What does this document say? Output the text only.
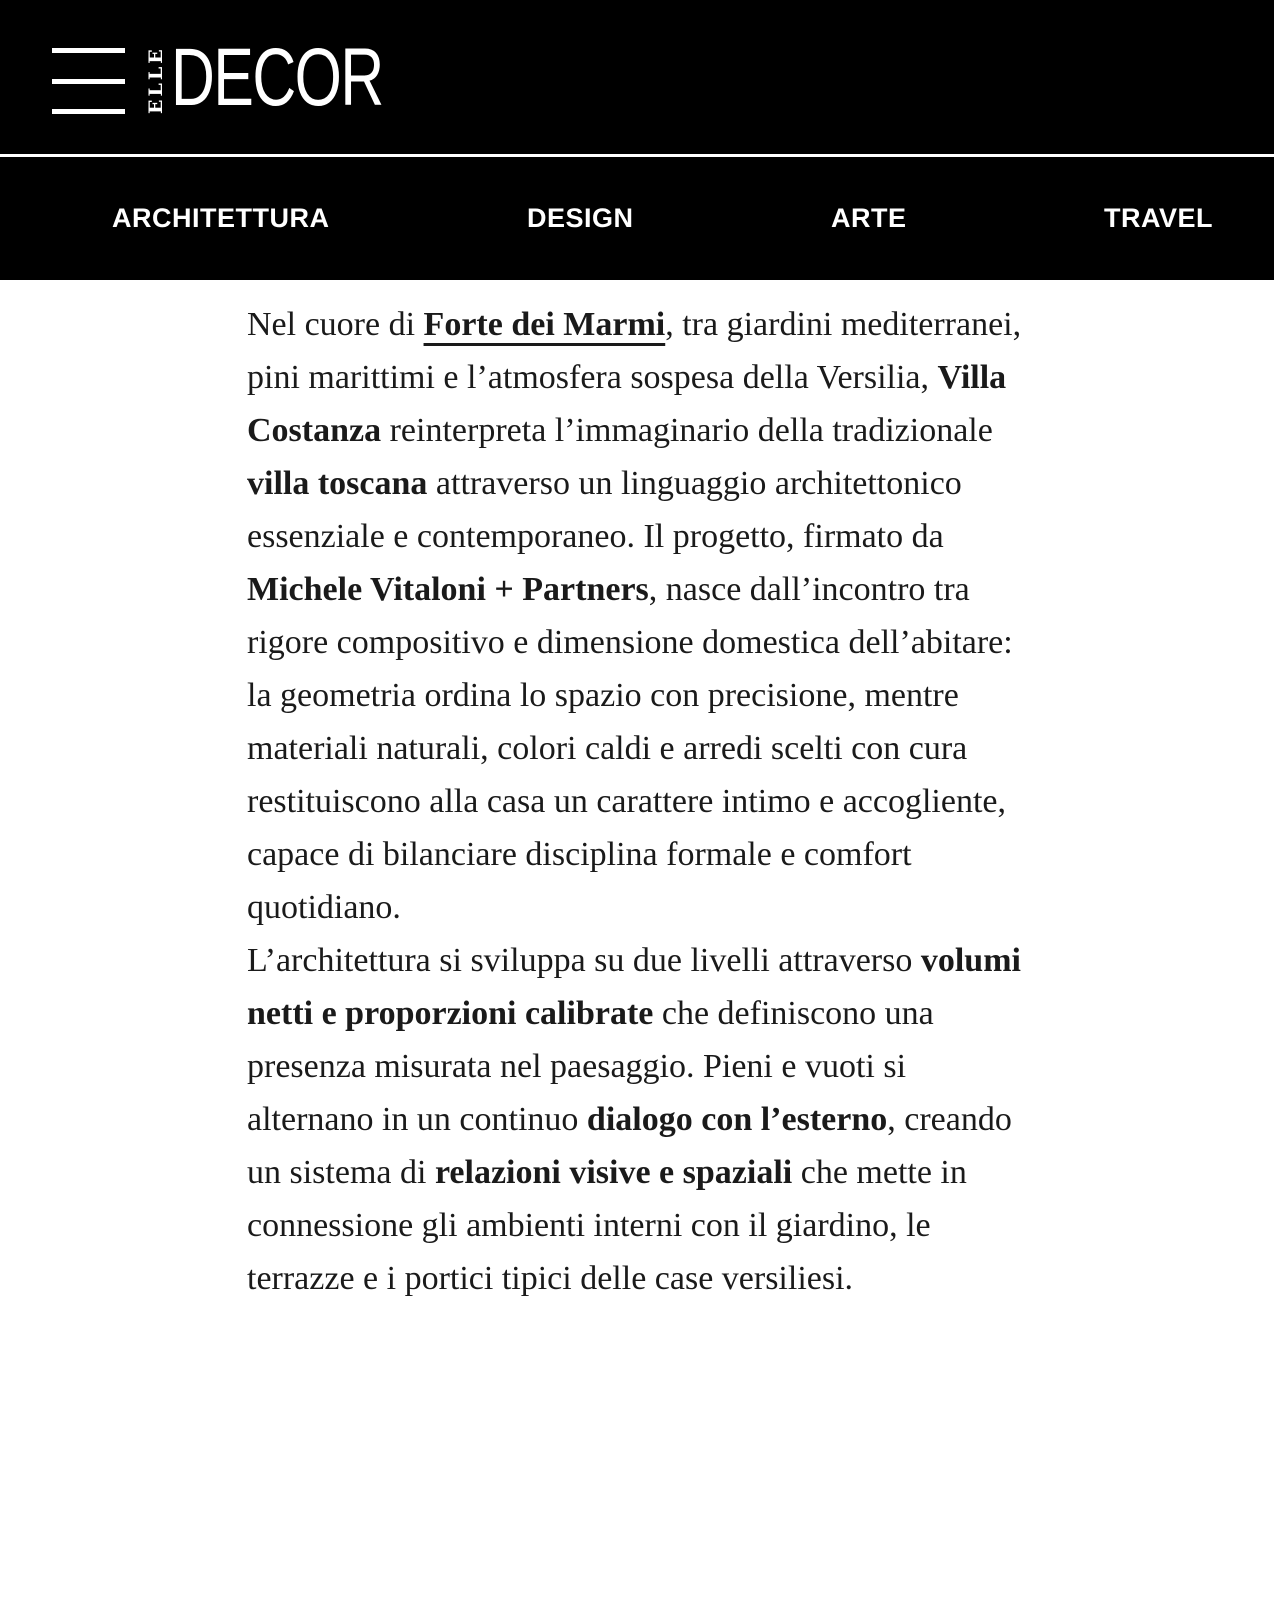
ELLE DECOR
ARCHITETTURA	DESIGN	ARTE	TRAVEL

Nel cuore di Forte dei Marmi, tra giardini mediterranei, pini marittimi e l’atmosfera sospesa della Versilia, Villa Costanza reinterpreta l’immaginario della tradizionale villa toscana attraverso un linguaggio architettonico essenziale e contemporaneo. Il progetto, firmato da Michele Vitaloni + Partners, nasce dall’incontro tra rigore compositivo e dimensione domestica dell’abitare: la geometria ordina lo spazio con precisione, mentre materiali naturali, colori caldi e arredi scelti con cura restituiscono alla casa un carattere intimo e accogliente, capace di bilanciare disciplina formale e comfort quotidiano.

L’architettura si sviluppa su due livelli attraverso volumi netti e proporzioni calibrate che definiscono una presenza misurata nel paesaggio. Pieni e vuoti si alternano in un continuo dialogo con l’esterno, creando un sistema di relazioni visive e spaziali che mette in connessione gli ambienti interni con il giardino, le terrazze e i portici tipici delle case versiliesi.
